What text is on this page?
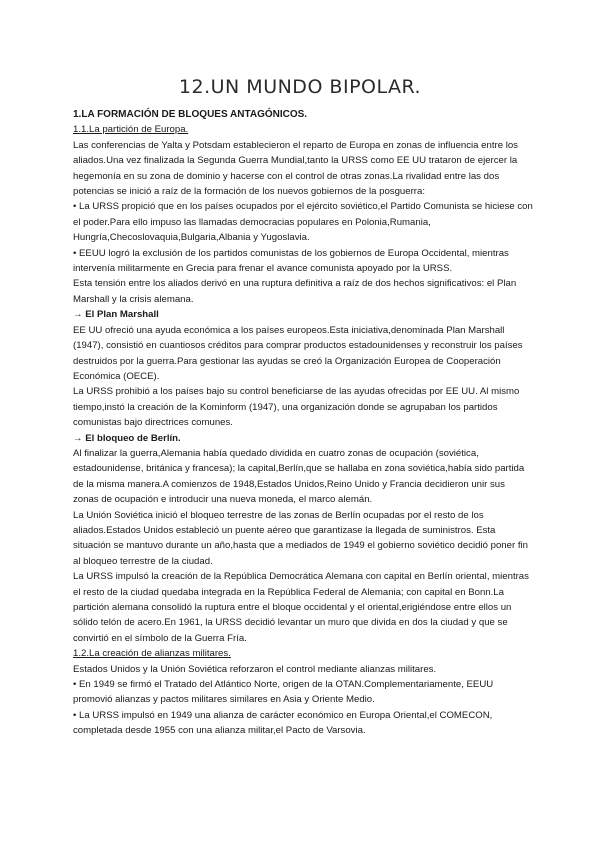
12.UN MUNDO BIPOLAR.

1.LA FORMACIÓN DE BLOQUES ANTAGÓNICOS.

1.1.La partición de Europa.

Las conferencias de Yalta y Potsdam establecieron el reparto de Europa en zonas de influencia entre los aliados.Una vez finalizada la Segunda Guerra Mundial,tanto la URSS como EE UU trataron de ejercer la hegemonía en su zona de dominio y hacerse con el control de otras zonas.La rivalidad entre las dos potencias se inició a raíz de la formación de los nuevos gobiernos de la posguerra:

• La URSS propició que en los países ocupados por el ejército soviético,el Partido Comunista se hiciese con el poder.Para ello impuso las llamadas democracias populares en Polonia,Rumania, Hungría,Checoslovaquia,Bulgaria,Albania y Yugoslavia.

• EEUU logró la exclusión de los partidos comunistas de los gobiernos de Europa Occidental, mientras intervenía militarmente en Grecia para frenar el avance comunista apoyado por la URSS.

Esta tensión entre los aliados derivó en una ruptura definitiva a raíz de dos hechos significativos: el Plan Marshall y la crisis alemana.

→ El Plan Marshall

EE UU ofreció una ayuda económica a los países europeos.Esta iniciativa,denominada Plan Marshall (1947), consistió en cuantiosos créditos para comprar productos estadounidenses y reconstruir los países destruidos por la guerra.Para gestionar las ayudas se creó la Organización Europea de Cooperación Económica (OECE).

La URSS prohibió a los países bajo su control beneficiarse de las ayudas ofrecidas por EE UU. Al mismo tiempo,instó la creación de la Kominform (1947), una organización donde se agrupaban los partidos comunistas bajo directrices comunes.

→ El bloqueo de Berlín.

Al finalizar la guerra,Alemania había quedado dividida en cuatro zonas de ocupación (soviética, estadounidense, británica y francesa); la capital,Berlín,que se hallaba en zona soviética,había sido partida de la misma manera.A comienzos de 1948,Estados Unidos,Reino Unido y Francia decidieron unir sus zonas de ocupación e introducir una nueva moneda, el marco alemán.

La Unión Soviética inició el bloqueo terrestre de las zonas de Berlín ocupadas por el resto de los aliados.Estados Unidos estableció un puente aéreo que garantizase la llegada de suministros. Esta situación se mantuvo durante un año,hasta que a mediados de 1949 el gobierno soviético decidió poner fin al bloqueo terrestre de la ciudad.

La URSS impulsó la creación de la República Democrática Alemana con capital en Berlín oriental, mientras el resto de la ciudad quedaba integrada en la República Federal de Alemania; con capital en Bonn.La partición alemana consolidó la ruptura entre el bloque occidental y el oriental,erigiéndose entre ellos un sólido telón de acero.En 1961, la URSS decidió levantar un muro que divida en dos la ciudad y que se convirtió en el símbolo de la Guerra Fría.

1.2.La creación de alianzas militares.

Estados Unidos y la Unión Soviética reforzaron el control mediante alianzas militares.

• En 1949 se firmó el Tratado del Atlántico Norte, origen de la OTAN.Complementariamente, EEUU promovió alianzas y pactos militares similares en Asia y Oriente Medio.

• La URSS impulsó en 1949 una alianza de carácter económico en Europa Oriental,el COMECON, completada desde 1955 con una alianza militar,el Pacto de Varsovia.
